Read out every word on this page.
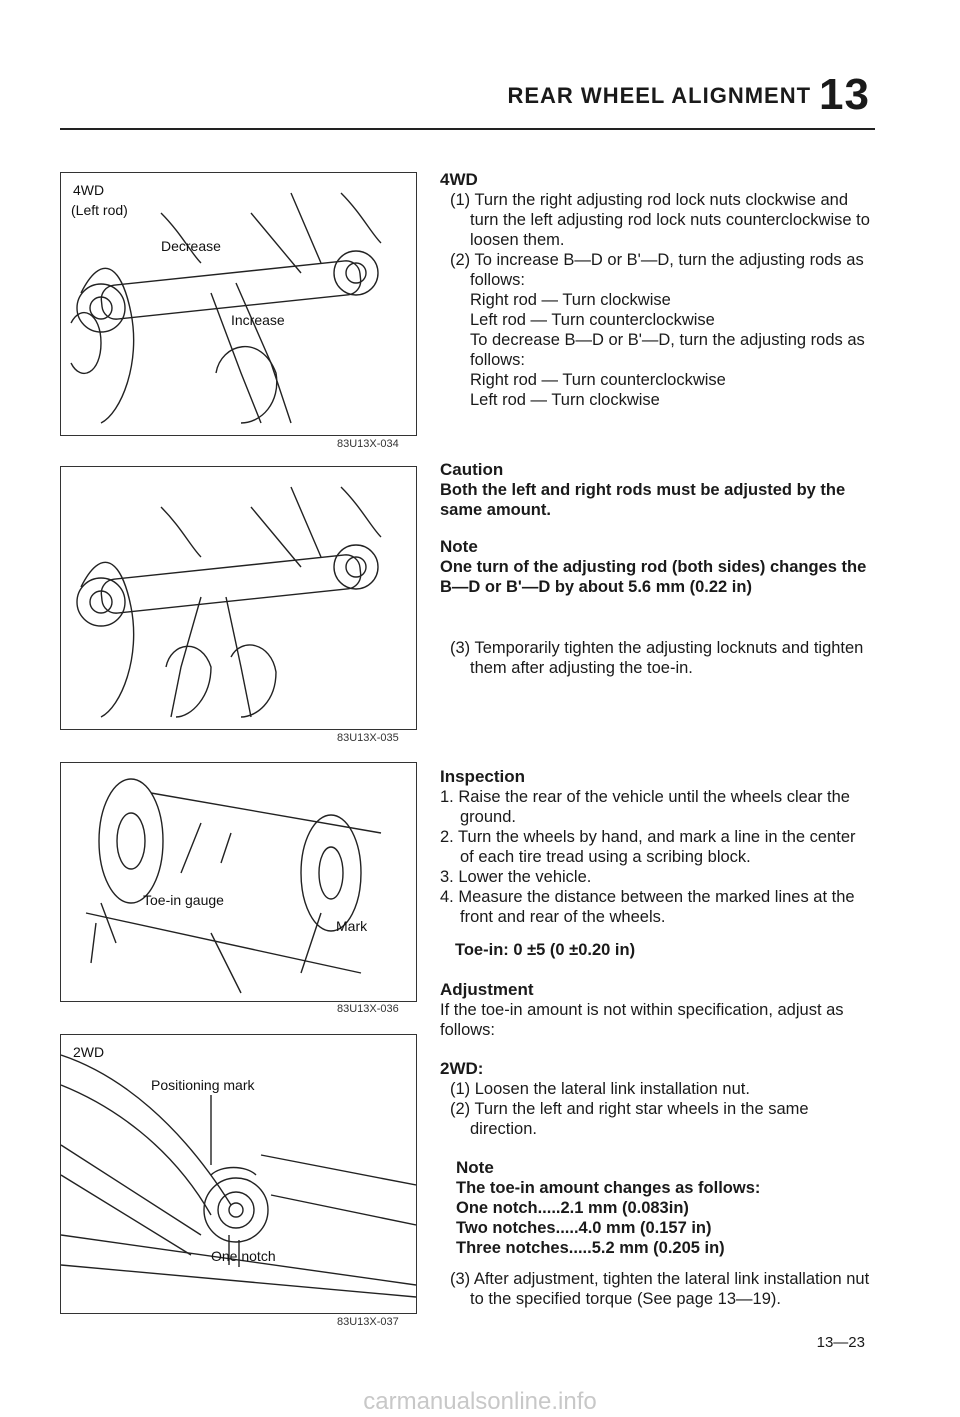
REAR WHEEL ALIGNMENT 13
4WD
(Left rod)
Decrease
Increase
83U13X-034
83U13X-035
Toe-in gauge
Mark
83U13X-036
2WD
Positioning mark
One notch
83U13X-037

4WD

(1) Turn the right adjusting rod lock nuts clockwise and turn the left adjusting rod lock nuts counterclockwise to loosen them.

(2) To increase B—D or B'—D, turn the adjusting rods as follows:

Right rod — Turn clockwise

Left rod — Turn counterclockwise

To decrease B—D or B'—D, turn the adjusting rods as follows:

Right rod — Turn counterclockwise

Left rod — Turn clockwise

Caution

Both the left and right rods must be adjusted by the same amount.

Note

One turn of the adjusting rod (both sides) changes the B—D or B'—D by about 5.6 mm (0.22 in)

(3) Temporarily tighten the adjusting locknuts and tighten them after adjusting the toe-in.

Inspection

1. Raise the rear of the vehicle until the wheels clear the ground.

2. Turn the wheels by hand, and mark a line in the center of each tire tread using a scribing block.

3. Lower the vehicle.

4. Measure the distance between the marked lines at the front and rear of the wheels.

Toe-in: 0 ±5 (0 ±0.20 in)

Adjustment

If the toe-in amount is not within specification, adjust as follows:

2WD:

(1) Loosen the lateral link installation nut.

(2) Turn the left and right star wheels in the same direction.

Note

The toe-in amount changes as follows:

One notch.....2.1 mm (0.083in)

Two notches.....4.0 mm (0.157 in)

Three notches.....5.2 mm (0.205 in)

(3) After adjustment, tighten the lateral link installation nut to the specified torque (See page 13—19).

13—23
carmanualsonline.info
